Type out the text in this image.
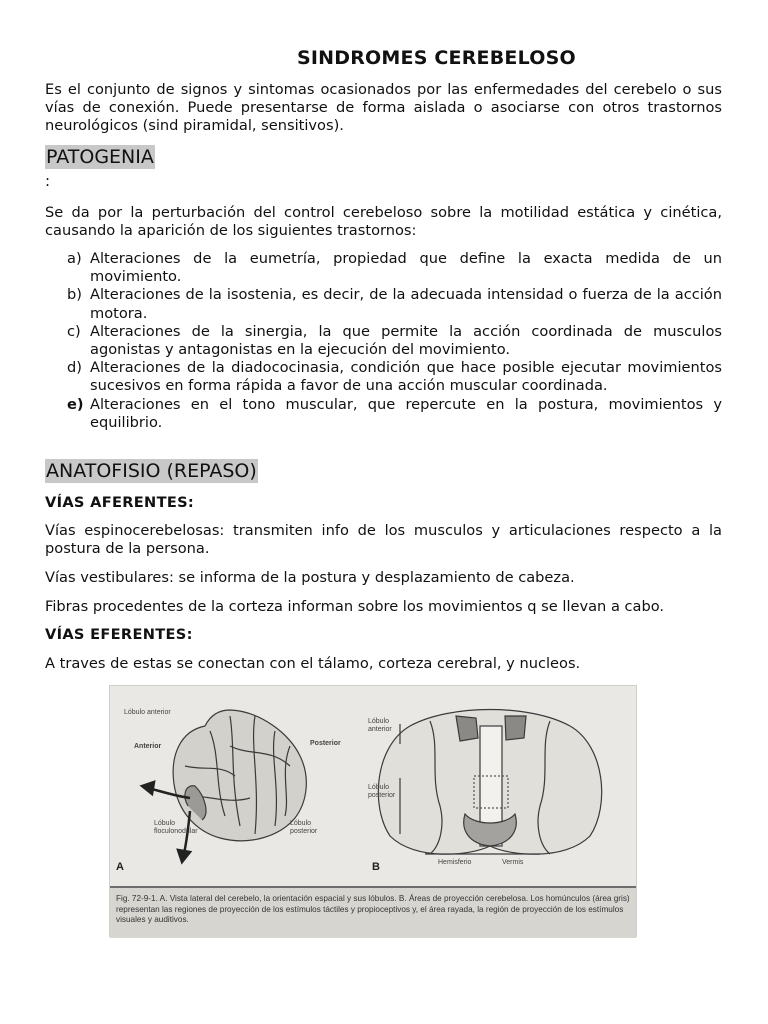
SINDROMES CEREBELOSO
Es el conjunto de signos y sintomas ocasionados por las enfermedades del cerebelo o sus vías de conexión. Puede presentarse de forma aislada o asociarse con otros trastornos neurológicos (sind piramidal, sensitivos).
PATOGENIA
:
Se da por la perturbación del control cerebeloso sobre la motilidad estática y cinética, causando la aparición de los siguientes trastornos:
a) Alteraciones de la eumetría, propiedad que define la exacta medida de un movimiento.
b) Alteraciones de la isostenia, es decir, de la adecuada intensidad o fuerza de la acción motora.
c) Alteraciones de la sinergia, la que permite la acción coordinada de musculos agonistas y antagonistas en la ejecución del movimiento.
d) Alteraciones de la diadococinasia, condición que hace posible ejecutar movimientos sucesivos en forma rápida a favor de una acción muscular coordinada.
e) Alteraciones en el tono muscular, que repercute en la postura, movimientos y equilibrio.
ANATOFISIO (REPASO)
VÍAS AFERENTES:
Vías espinocerebelosas: transmiten info de los musculos y articulaciones respecto a la postura de la persona.
Vías vestibulares: se informa de la postura y desplazamiento de cabeza.
Fibras procedentes de la corteza informan sobre los movimientos q se llevan a cabo.
VÍAS EFERENTES:
A traves de estas se conectan con el tálamo, corteza cerebral, y nucleos.
Lóbulo anterior
Anterior	Posterior
Lóbulo floculonodular
Lóbulo posterior
A
Lóbulo anterior
Lóbulo posterior
Hemisferio	Vermis
B
Fig. 72-9-1. A. Vista lateral del cerebelo, la orientación espacial y sus lóbulos. B. Áreas de proyección cerebelosa. Los homúnculos (área gris) representan las regiones de proyección de los estímulos táctiles y propioceptivos y, el área rayada, la región de proyección de los estímulos visuales y auditivos.
